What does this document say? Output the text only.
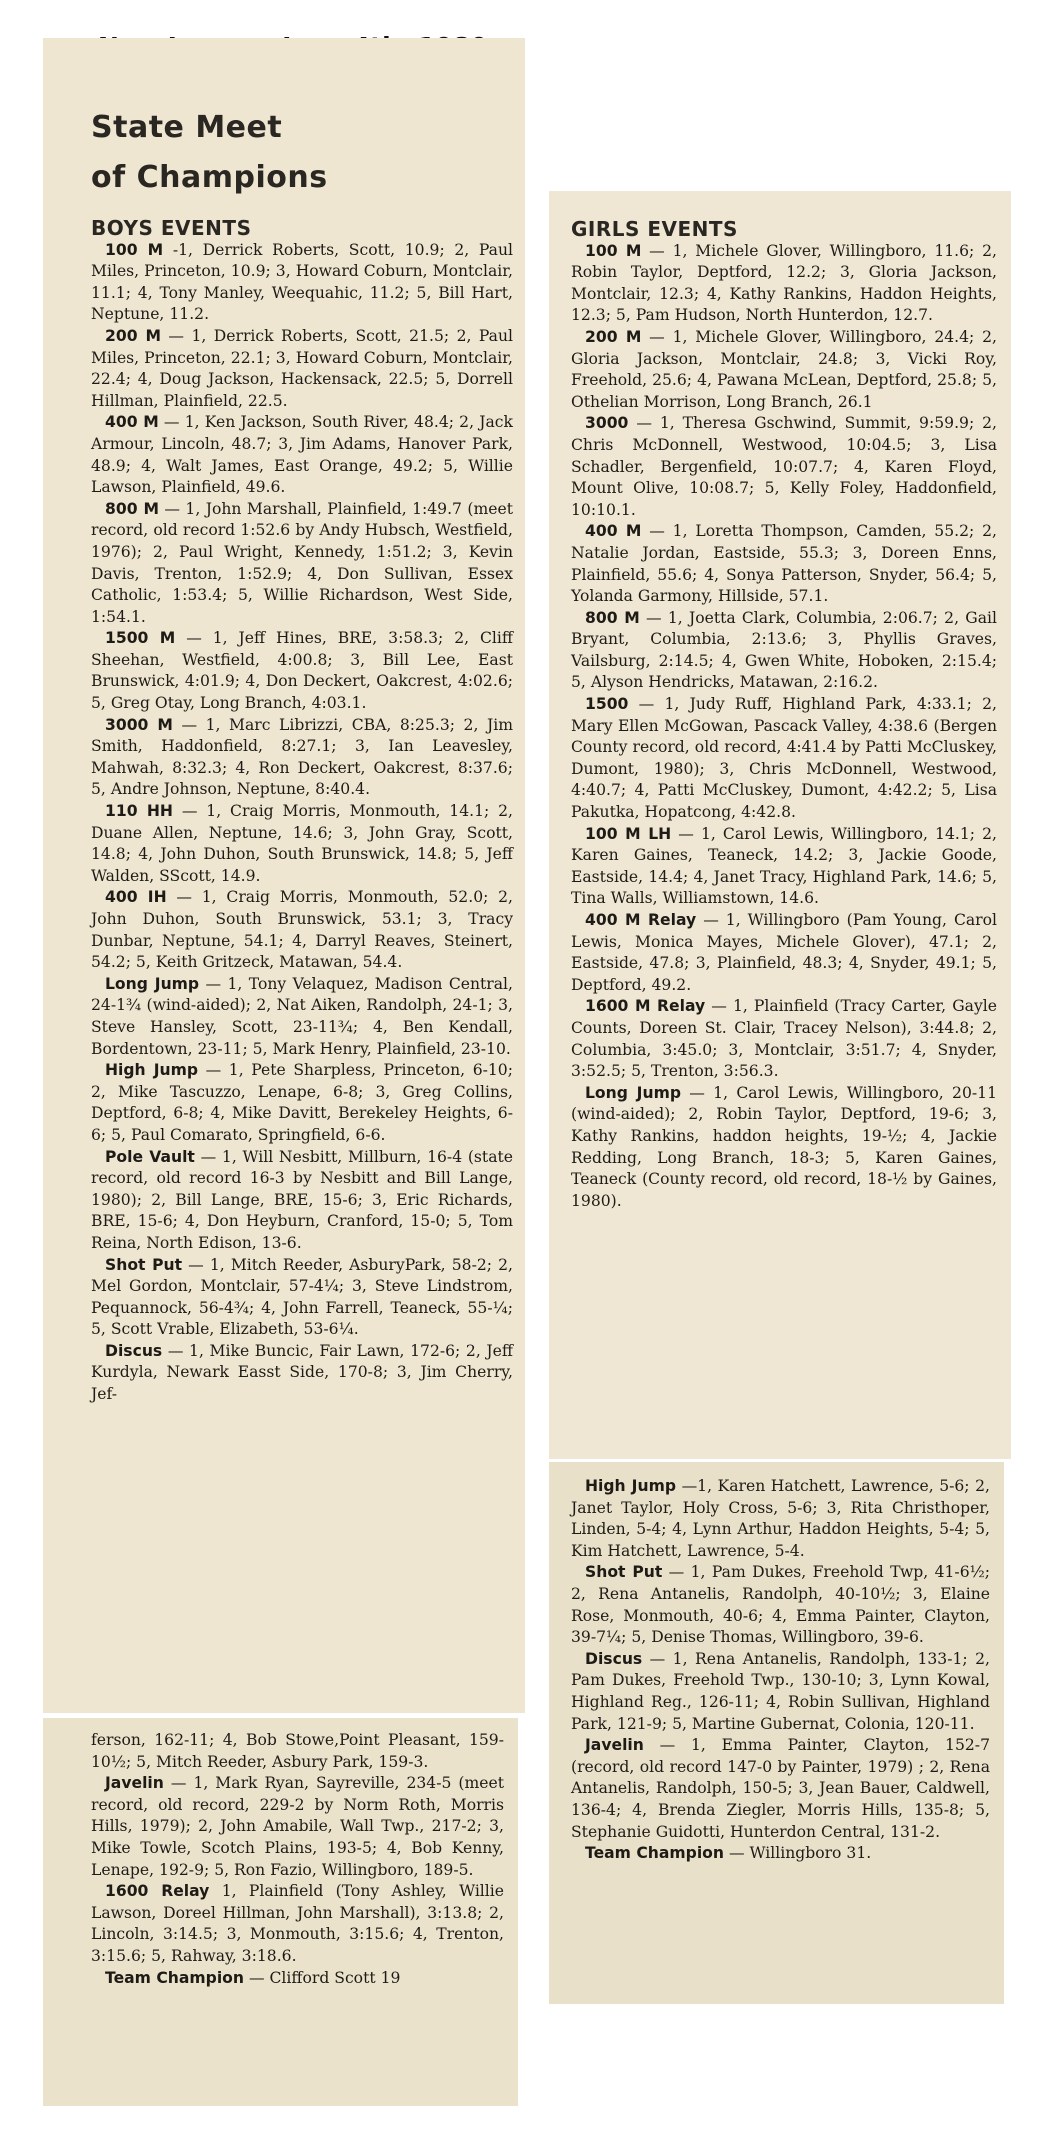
State Meet
of Champions
BOYS EVENTS

100 M -1, Derrick Roberts, Scott, 10.9; 2, Paul Miles, Princeton, 10.9; 3, Howard Coburn, Montclair, 11.1; 4, Tony Manley, Weequahic, 11.2; 5, Bill Hart, Neptune, 11.2.

200 M — 1, Derrick Roberts, Scott, 21.5; 2, Paul Miles, Princeton, 22.1; 3, Howard Coburn, Montclair, 22.4; 4, Doug Jackson, Hackensack, 22.5; 5, Dorrell Hillman, Plainfield, 22.5.

400 M — 1, Ken Jackson, South River, 48.4; 2, Jack Armour, Lincoln, 48.7; 3, Jim Adams, Hanover Park, 48.9; 4, Walt James, East Orange, 49.2; 5, Willie Lawson, Plainfield, 49.6.

800 M — 1, John Marshall, Plainfield, 1:49.7 (meet record, old record 1:52.6 by Andy Hubsch, Westfield, 1976); 2, Paul Wright, Kennedy, 1:51.2; 3, Kevin Davis, Trenton, 1:52.9; 4, Don Sullivan, Essex Catholic, 1:53.4; 5, Willie Richardson, West Side, 1:54.1.

1500 M — 1, Jeff Hines, BRE, 3:58.3; 2, Cliff Sheehan, Westfield, 4:00.8; 3, Bill Lee, East Brunswick, 4:01.9; 4, Don Deckert, Oakcrest, 4:02.6; 5, Greg Otay, Long Branch, 4:03.1.

3000 M — 1, Marc Librizzi, CBA, 8:25.3; 2, Jim Smith, Haddonfield, 8:27.1; 3, Ian Leavesley, Mahwah, 8:32.3; 4, Ron Deckert, Oakcrest, 8:37.6; 5, Andre Johnson, Neptune, 8:40.4.

110 HH — 1, Craig Morris, Monmouth, 14.1; 2, Duane Allen, Neptune, 14.6; 3, John Gray, Scott, 14.8; 4, John Duhon, South Brunswick, 14.8; 5, Jeff Walden, SScott, 14.9.

400 IH — 1, Craig Morris, Monmouth, 52.0; 2, John Duhon, South Brunswick, 53.1; 3, Tracy Dunbar, Neptune, 54.1; 4, Darryl Reaves, Steinert, 54.2; 5, Keith Gritzeck, Matawan, 54.4.

Long Jump — 1, Tony Velaquez, Madison Central, 24-1¾ (wind-aided); 2, Nat Aiken, Randolph, 24-1; 3, Steve Hansley, Scott, 23-11¾; 4, Ben Kendall, Bordentown, 23-11; 5, Mark Henry, Plainfield, 23-10.

High Jump — 1, Pete Sharpless, Princeton, 6-10; 2, Mike Tascuzzo, Lenape, 6-8; 3, Greg Collins, Deptford, 6-8; 4, Mike Davitt, Berekeley Heights, 6-6; 5, Paul Comarato, Springfield, 6-6.

Pole Vault — 1, Will Nesbitt, Millburn, 16-4 (state record, old record 16-3 by Nesbitt and Bill Lange, 1980); 2, Bill Lange, BRE, 15-6; 3, Eric Richards, BRE, 15-6; 4, Don Heyburn, Cranford, 15-0; 5, Tom Reina, North Edison, 13-6.

Shot Put — 1, Mitch Reeder, AsburyPark, 58-2; 2, Mel Gordon, Montclair, 57-4¼; 3, Steve Lindstrom, Pequannock, 56-4¾; 4, John Farrell, Teaneck, 55-¼; 5, Scott Vrable, Elizabeth, 53-6¼.

Discus — 1, Mike Buncic, Fair Lawn, 172-6; 2, Jeff Kurdyla, Newark Easst Side, 170-8; 3, Jim Cherry, Jef-

ferson, 162-11; 4, Bob Stowe,Point Pleasant, 159-10½; 5, Mitch Reeder, Asbury Park, 159-3.

Javelin — 1, Mark Ryan, Sayreville, 234-5 (meet record, old record, 229-2 by Norm Roth, Morris Hills, 1979); 2, John Amabile, Wall Twp., 217-2; 3, Mike Towle, Scotch Plains, 193-5; 4, Bob Kenny, Lenape, 192-9; 5, Ron Fazio, Willingboro, 189-5.

1600 Relay 1, Plainfield (Tony Ashley, Willie Lawson, Doreel Hillman, John Marshall), 3:13.8; 2, Lincoln, 3:14.5; 3, Monmouth, 3:15.6; 4, Trenton, 3:15.6; 5, Rahway, 3:18.6.

Team Champion — Clifford Scott 19

GIRLS EVENTS

100 M — 1, Michele Glover, Willingboro, 11.6; 2, Robin Taylor, Deptford, 12.2; 3, Gloria Jackson, Montclair, 12.3; 4, Kathy Rankins, Haddon Heights, 12.3; 5, Pam Hudson, North Hunterdon, 12.7.

200 M — 1, Michele Glover, Willingboro, 24.4; 2, Gloria Jackson, Montclair, 24.8; 3, Vicki Roy, Freehold, 25.6; 4, Pawana McLean, Deptford, 25.8; 5, Othelian Morrison, Long Branch, 26.1

3000 — 1, Theresa Gschwind, Summit, 9:59.9; 2, Chris McDonnell, Westwood, 10:04.5; 3, Lisa Schadler, Bergenfield, 10:07.7; 4, Karen Floyd, Mount Olive, 10:08.7; 5, Kelly Foley, Haddonfield, 10:10.1.

400 M — 1, Loretta Thompson, Camden, 55.2; 2, Natalie Jordan, Eastside, 55.3; 3, Doreen Enns, Plainfield, 55.6; 4, Sonya Patterson, Snyder, 56.4; 5, Yolanda Garmony, Hillside, 57.1.

800 M — 1, Joetta Clark, Columbia, 2:06.7; 2, Gail Bryant, Columbia, 2:13.6; 3, Phyllis Graves, Vailsburg, 2:14.5; 4, Gwen White, Hoboken, 2:15.4; 5, Alyson Hendricks, Matawan, 2:16.2.

1500 — 1, Judy Ruff, Highland Park, 4:33.1; 2, Mary Ellen McGowan, Pascack Valley, 4:38.6 (Bergen County record, old record, 4:41.4 by Patti McCluskey, Dumont, 1980); 3, Chris McDonnell, Westwood, 4:40.7; 4, Patti McCluskey, Dumont, 4:42.2; 5, Lisa Pakutka, Hopatcong, 4:42.8.

100 M LH — 1, Carol Lewis, Willingboro, 14.1; 2, Karen Gaines, Teaneck, 14.2; 3, Jackie Goode, Eastside, 14.4; 4, Janet Tracy, Highland Park, 14.6; 5, Tina Walls, Williamstown, 14.6.

400 M Relay — 1, Willingboro (Pam Young, Carol Lewis, Monica Mayes, Michele Glover), 47.1; 2, Eastside, 47.8; 3, Plainfield, 48.3; 4, Snyder, 49.1; 5, Deptford, 49.2.

1600 M Relay — 1, Plainfield (Tracy Carter, Gayle Counts, Doreen St. Clair, Tracey Nelson), 3:44.8; 2, Columbia, 3:45.0; 3, Montclair, 3:51.7; 4, Snyder, 3:52.5; 5, Trenton, 3:56.3.

Long Jump — 1, Carol Lewis, Willingboro, 20-11 (wind-aided); 2, Robin Taylor, Deptford, 19-6; 3, Kathy Rankins, haddon heights, 19-½; 4, Jackie Redding, Long Branch, 18-3; 5, Karen Gaines, Teaneck (County record, old record, 18-½ by Gaines, 1980).

High Jump —1, Karen Hatchett, Lawrence, 5-6; 2, Janet Taylor, Holy Cross, 5-6; 3, Rita Christhoper, Linden, 5-4; 4, Lynn Arthur, Haddon Heights, 5-4; 5, Kim Hatchett, Lawrence, 5-4.

Shot Put — 1, Pam Dukes, Freehold Twp, 41-6½; 2, Rena Antanelis, Randolph, 40-10½; 3, Elaine Rose, Monmouth, 40-6; 4, Emma Painter, Clayton, 39-7¼; 5, Denise Thomas, Willingboro, 39-6.

Discus — 1, Rena Antanelis, Randolph, 133-1; 2, Pam Dukes, Freehold Twp., 130-10; 3, Lynn Kowal, Highland Reg., 126-11; 4, Robin Sullivan, Highland Park, 121-9; 5, Martine Gubernat, Colonia, 120-11.

Javelin — 1, Emma Painter, Clayton, 152-7 (record, old record 147-0 by Painter, 1979) ; 2, Rena Antanelis, Randolph, 150-5; 3, Jean Bauer, Caldwell, 136-4; 4, Brenda Ziegler, Morris Hills, 135-8; 5, Stephanie Guidotti, Hunterdon Central, 131-2.

Team Champion — Willingboro 31.
